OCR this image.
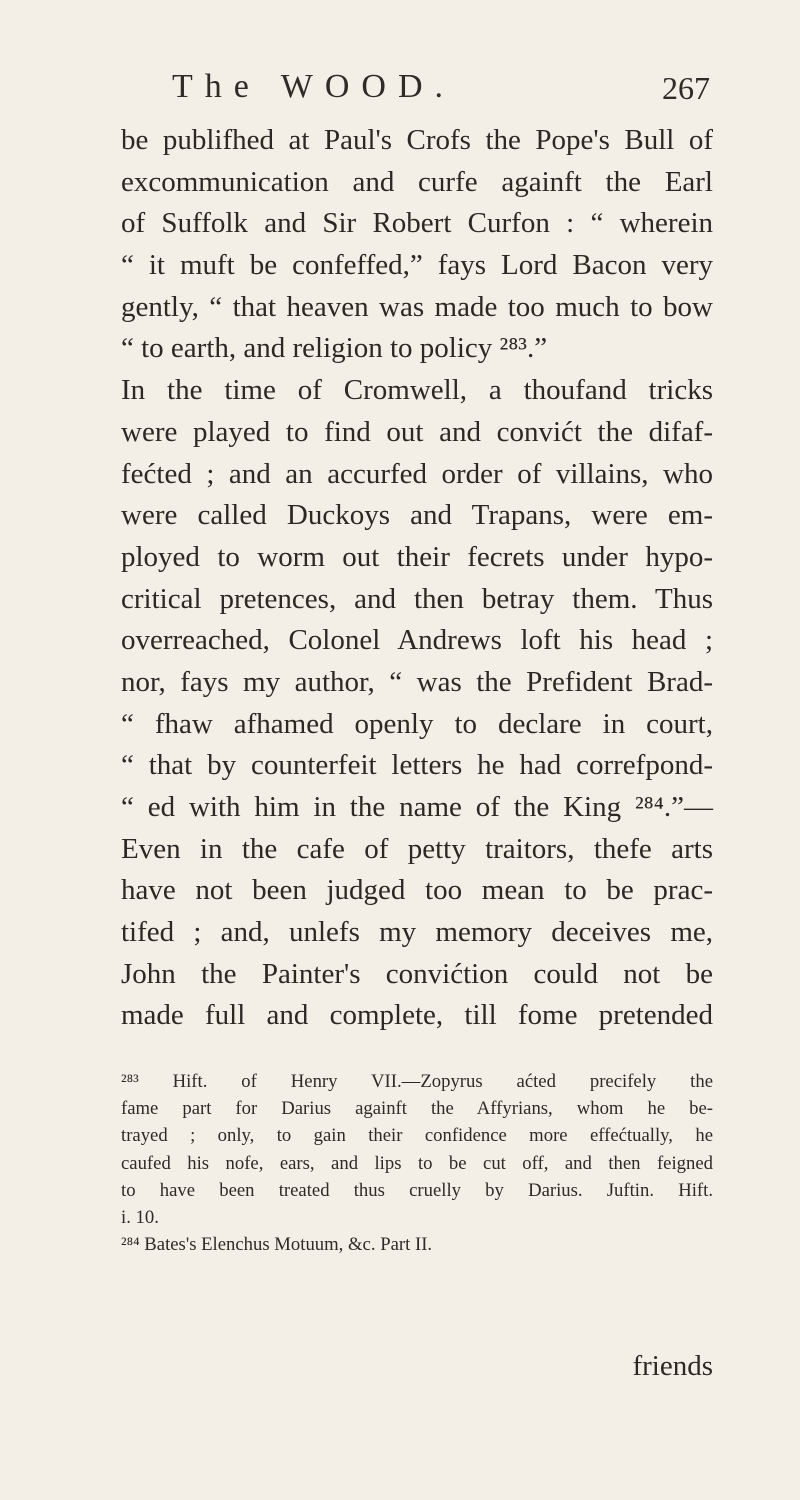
The WOOD.	267
be publifhed at Paul's Crofs the Pope's Bull of
excommunication and curfe againft the Earl
of Suffolk and Sir Robert Curfon : “ wherein
“ it muft be confeffed,” fays Lord Bacon very
gently, “ that heaven was made too much to bow
“ to earth, and religion to policy ²⁸³.”
In the time of Cromwell, a thoufand tricks
were played to find out and convićt the difaf-
fećted ; and an accurfed order of villains, who
were called Duckoys and Trapans, were em-
ployed to worm out their fecrets under hypo-
critical pretences, and then betray them. Thus
overreached, Colonel Andrews loft his head ;
nor, fays my author, “ was the Prefident Brad-
“ fhaw afhamed openly to declare in court,
“ that by counterfeit letters he had correfpond-
“ ed with him in the name of the King ²⁸⁴.”—
Even in the cafe of petty traitors, thefe arts
have not been judged too mean to be prac-
tifed ; and, unlefs my memory deceives me,
John the Painter's convićtion could not be
made full and complete, till fome pretended
²⁸³ Hift. of Henry VII.—Zopyrus aćted precifely the
fame part for Darius againft the Affyrians, whom he be-
trayed ; only, to gain their confidence more effećtually, he
caufed his nofe, ears, and lips to be cut off, and then feigned
to have been treated thus cruelly by Darius. Juftin. Hift.
i. 10.
²⁸⁴ Bates's Elenchus Motuum, &c. Part II.
friends
